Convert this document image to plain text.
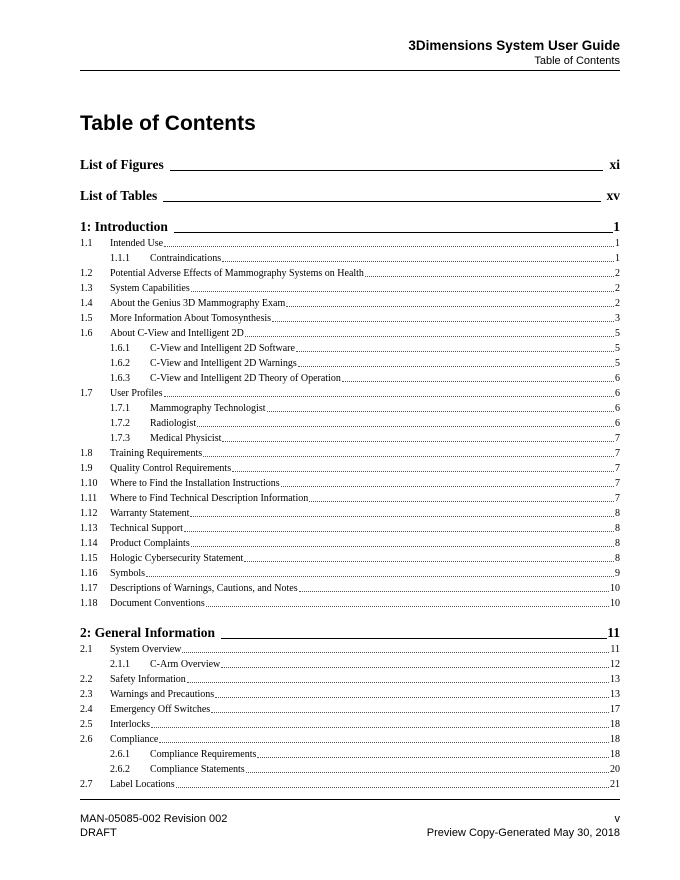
3Dimensions System User Guide
Table of Contents
Table of Contents
List of Figures	xi
List of Tables	xv
1: Introduction	1
1.1 Intended Use	1
1.1.1 Contraindications	1
1.2 Potential Adverse Effects of Mammography Systems on Health	2
1.3 System Capabilities	2
1.4 About the Genius 3D Mammography Exam	2
1.5 More Information About Tomosynthesis	3
1.6 About C-View and Intelligent 2D	5
1.6.1 C-View and Intelligent 2D Software	5
1.6.2 C-View and Intelligent 2D Warnings	5
1.6.3 C-View and Intelligent 2D Theory of Operation	6
1.7 User Profiles	6
1.7.1 Mammography Technologist	6
1.7.2 Radiologist	6
1.7.3 Medical Physicist	7
1.8 Training Requirements	7
1.9 Quality Control Requirements	7
1.10 Where to Find the Installation Instructions	7
1.11 Where to Find Technical Description Information	7
1.12 Warranty Statement	8
1.13 Technical Support	8
1.14 Product Complaints	8
1.15 Hologic Cybersecurity Statement	8
1.16 Symbols	9
1.17 Descriptions of Warnings, Cautions, and Notes	10
1.18 Document Conventions	10
2: General Information	11
2.1 System Overview	11
2.1.1 C-Arm Overview	12
2.2 Safety Information	13
2.3 Warnings and Precautions	13
2.4 Emergency Off Switches	17
2.5 Interlocks	18
2.6 Compliance	18
2.6.1 Compliance Requirements	18
2.6.2 Compliance Statements	20
2.7 Label Locations	21
MAN-05085-002 Revision 002	v
DRAFT	Preview Copy-Generated May 30, 2018
